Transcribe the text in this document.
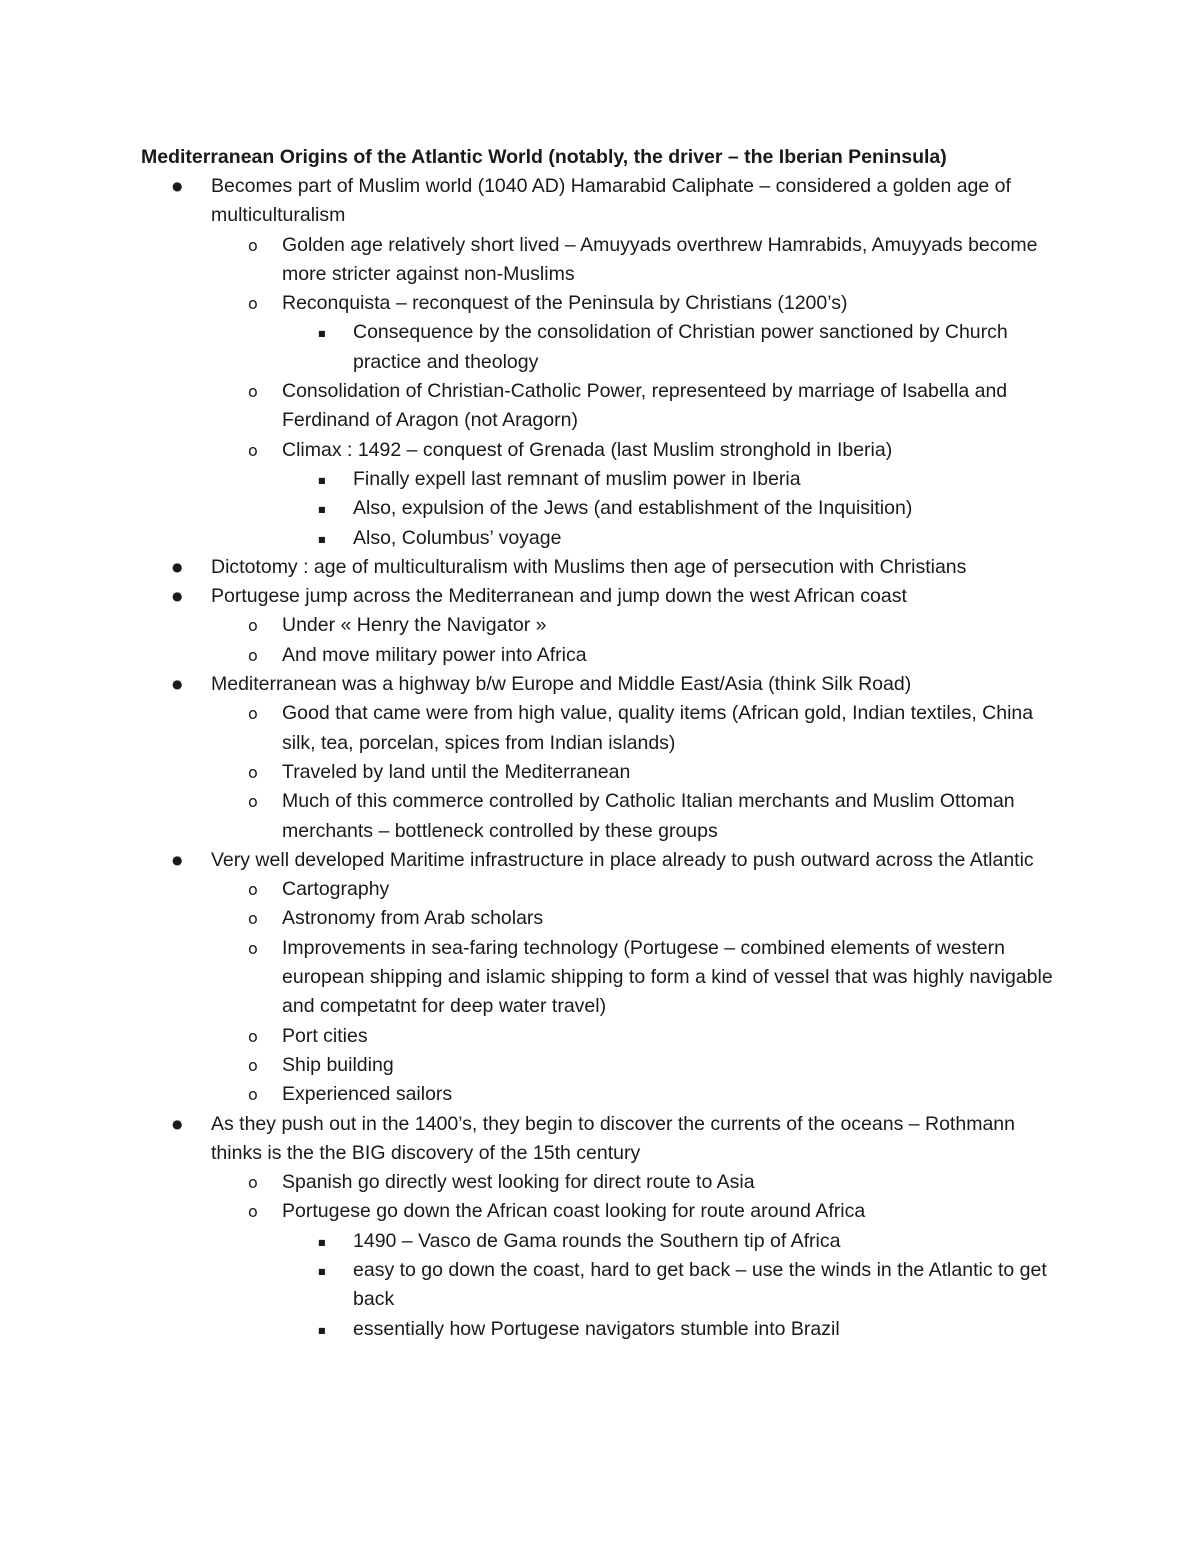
Mediterranean Origins of the Atlantic World (notably, the driver – the Iberian Peninsula)
● Becomes part of Muslim world (1040 AD) Hamarabid Caliphate – considered a golden age of multiculturalism
o Golden age relatively short lived – Amuyyads overthrew Hamrabids, Amuyyads become more stricter against non-Muslims
o Reconquista – reconquest of the Peninsula by Christians (1200’s)
■ Consequence by the consolidation of Christian power sanctioned by Church practice and theology
o Consolidation of Christian-Catholic Power, representeed by marriage of Isabella and Ferdinand of Aragon (not Aragorn)
o Climax : 1492 – conquest of Grenada (last Muslim stronghold in Iberia)
■ Finally expell last remnant of muslim power in Iberia
■ Also, expulsion of the Jews (and establishment of the Inquisition)
■ Also, Columbus’ voyage
● Dictotomy : age of multiculturalism with Muslims then age of persecution with Christians
● Portugese jump across the Mediterranean and jump down the west African coast
o Under « Henry the Navigator »
o And move military power into Africa
● Mediterranean was a highway b/w Europe and Middle East/Asia (think Silk Road)
o Good that came were from high value, quality items (African gold, Indian textiles, China silk, tea, porcelan, spices from Indian islands)
o Traveled by land until the Mediterranean
o Much of this commerce controlled by Catholic Italian merchants and Muslim Ottoman merchants – bottleneck controlled by these groups
● Very well developed Maritime infrastructure in place already to push outward across the Atlantic
o Cartography
o Astronomy from Arab scholars
o Improvements in sea-faring technology (Portugese – combined elements of western european shipping and islamic shipping to form a kind of vessel that was highly navigable and competatnt for deep water travel)
o Port cities
o Ship building
o Experienced sailors
● As they push out in the 1400’s, they begin to discover the currents of the oceans – Rothmann thinks is the the BIG discovery of the 15th century
o Spanish go directly west looking for direct route to Asia
o Portugese go down the African coast looking for route around Africa
■ 1490 – Vasco de Gama rounds the Southern tip of Africa
■ easy to go down the coast, hard to get back – use the winds in the Atlantic to get back
■ essentially how Portugese navigators stumble into Brazil
